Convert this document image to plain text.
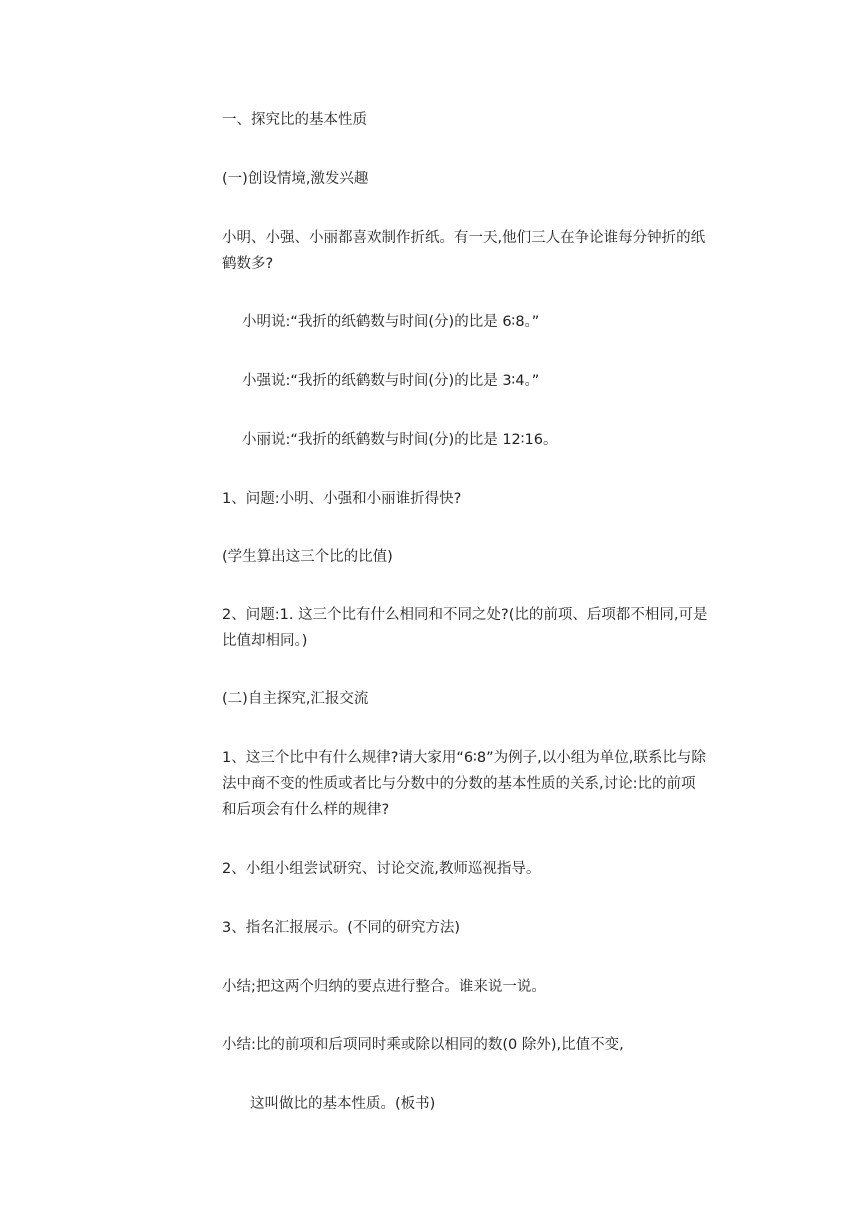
一、探究比的基本性质
(一)创设情境,激发兴趣
小明、小强、小丽都喜欢制作折纸。有一天,他们三人在争论谁每分钟折的纸
鹤数多?
小明说:“我折的纸鹤数与时间(分)的比是 6∶8。”
小强说:“我折的纸鹤数与时间(分)的比是 3∶4。”
小丽说:“我折的纸鹤数与时间(分)的比是 12∶16。
1、问题:小明、小强和小丽谁折得快?
(学生算出这三个比的比值)
2、问题:1. 这三个比有什么相同和不同之处?(比的前项、后项都不相同,可是
比值却相同。)
(二)自主探究,汇报交流
1、这三个比中有什么规律?请大家用“6∶8”为例子,以小组为单位,联系比与除
法中商不变的性质或者比与分数中的分数的基本性质的关系,讨论:比的前项
和后项会有什么样的规律?
2、小组小组尝试研究、讨论交流,教师巡视指导。
3、指名汇报展示。(不同的研究方法)
小结;把这两个归纳的要点进行整合。谁来说一说。
小结:比的前项和后项同时乘或除以相同的数(0 除外),比值不变,
这叫做比的基本性质。(板书)
